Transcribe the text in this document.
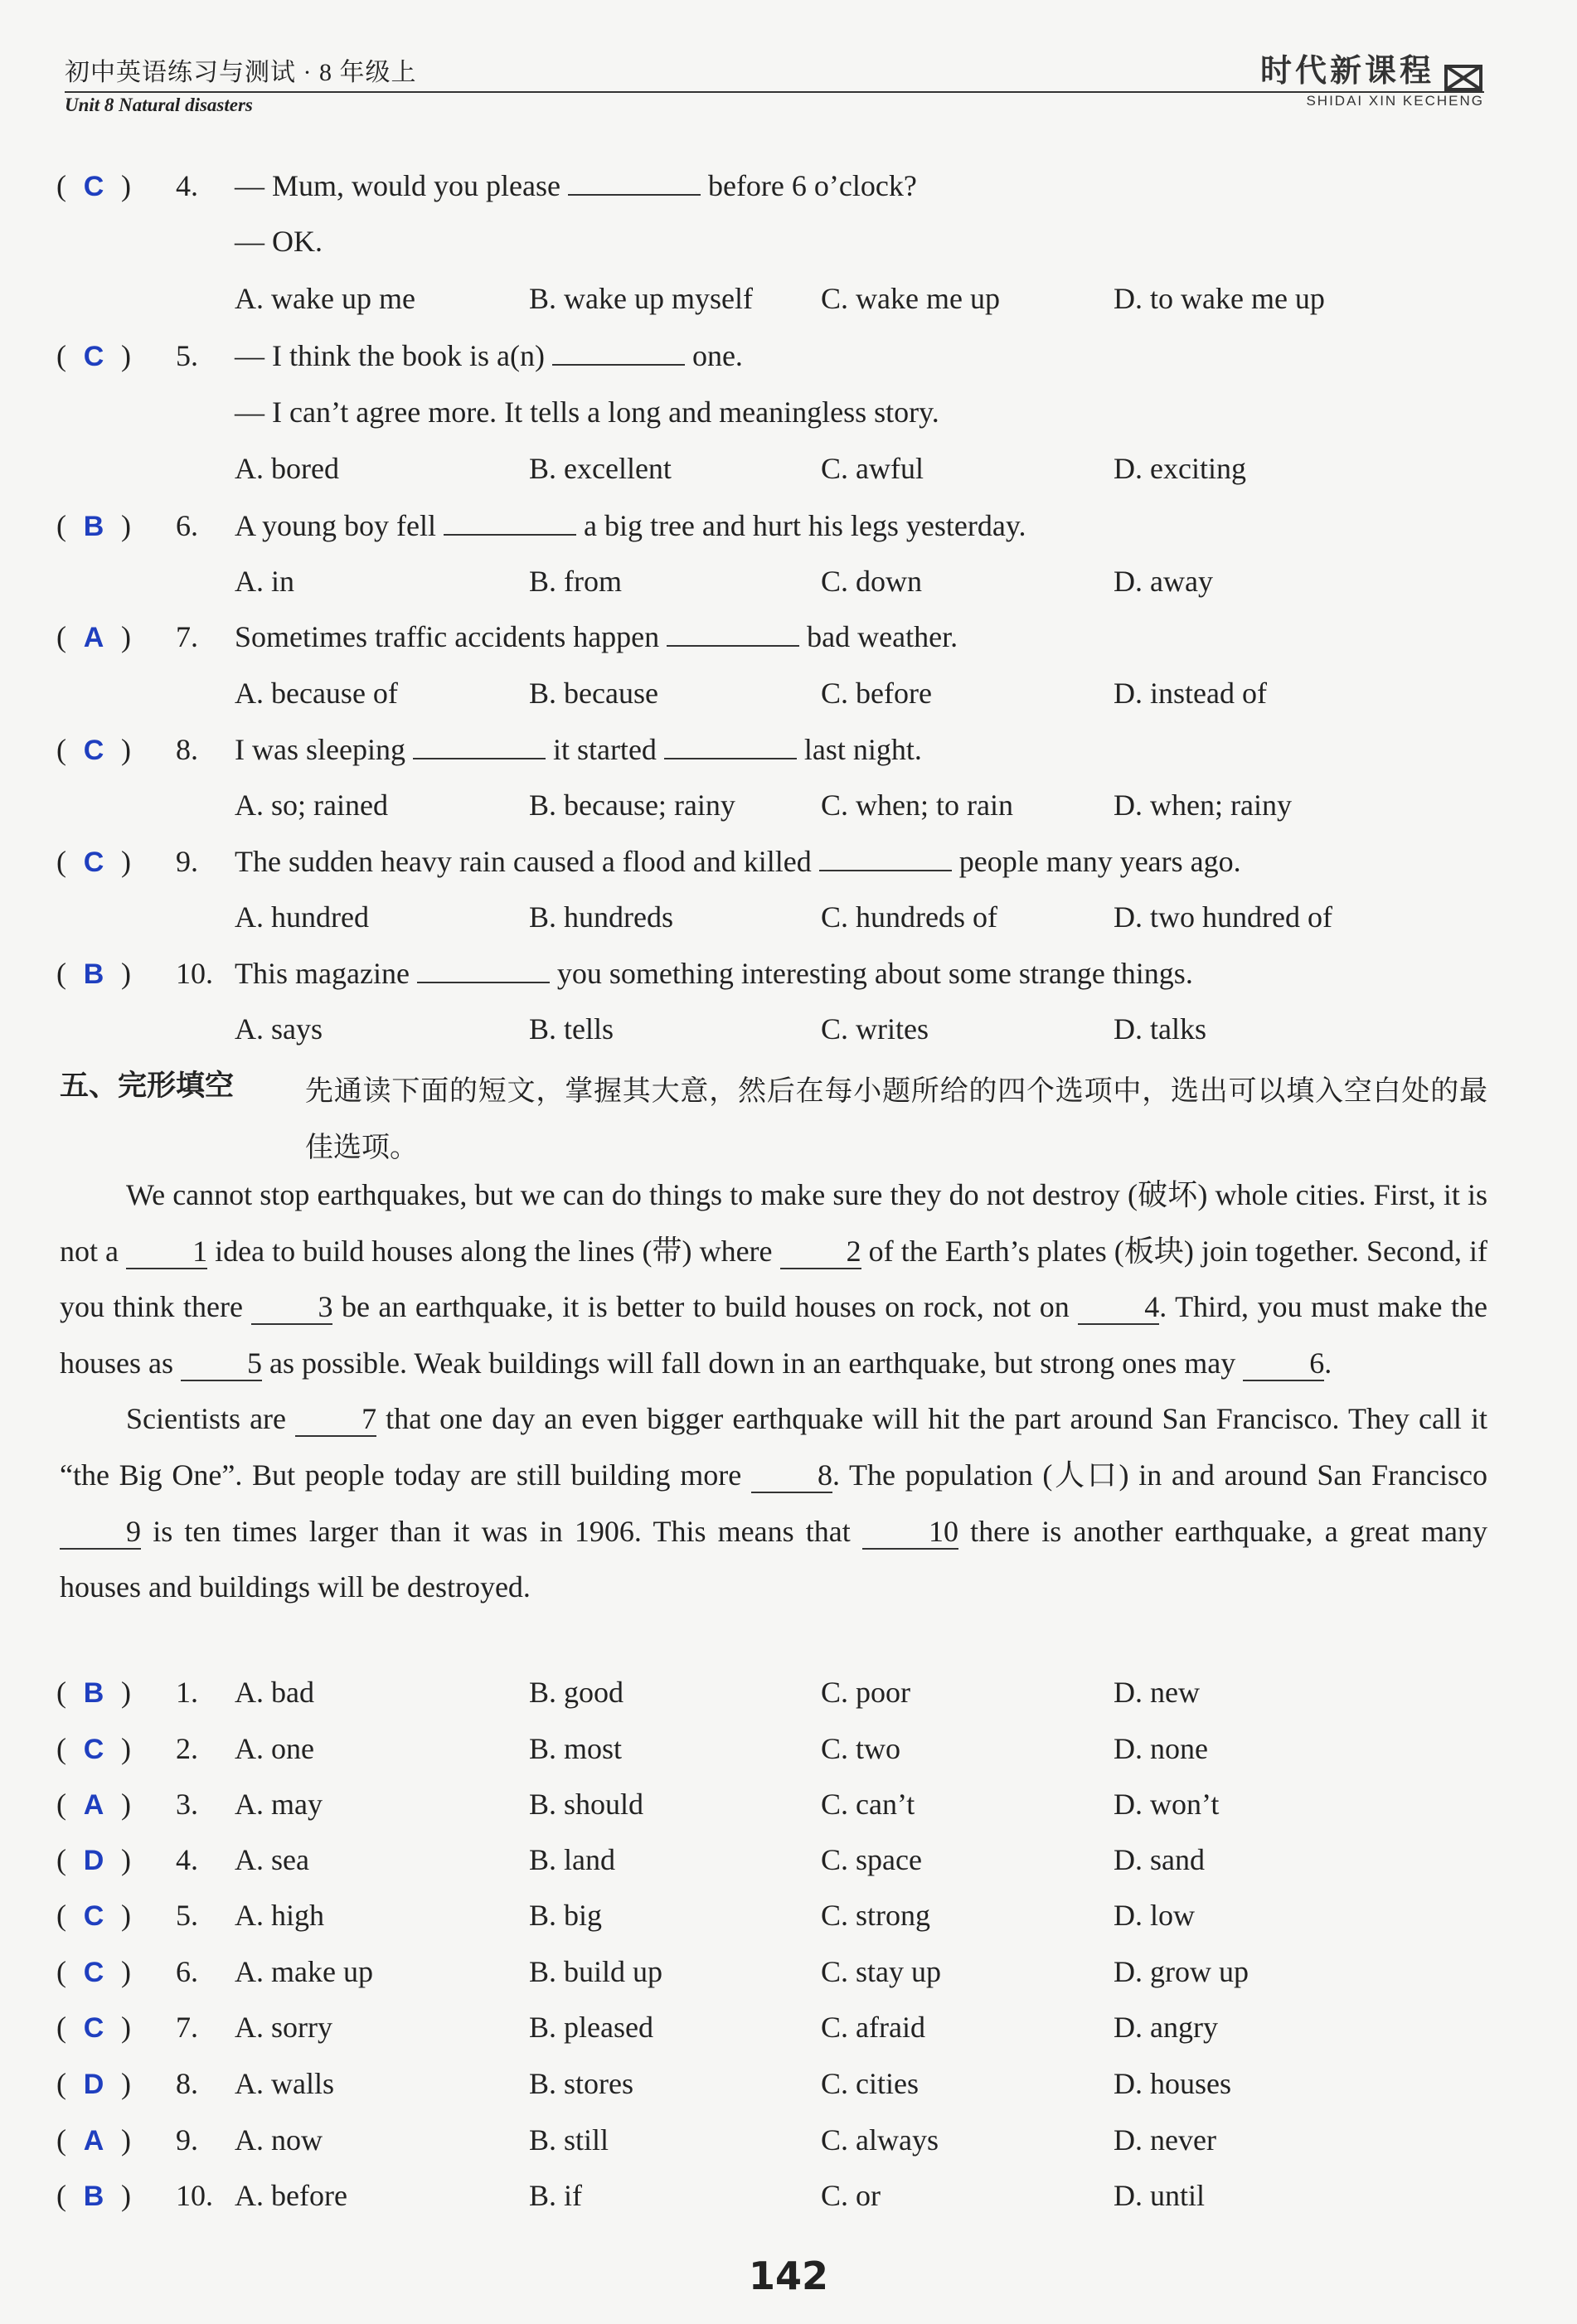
初中英语练习与测试 · 8 年级上
Unit 8 Natural disasters
时代新课程
SHIDAI XIN KECHENG
( C )	4. — Mum, would you please	before 6 o’clock?
— OK.
A. wake up me	B. wake up myself C. wake me up	D. to wake me up
( C )	5. — I think the book is a(n)	one.
— I can’t agree more. It tells a long and meaningless story.
A. bored	B. excellent	C. awful	D. exciting
( B )	6. A young boy fell	a big tree and hurt his legs yesterday.
A. in	B. from	C. down	D. away
( A )	7. Sometimes traffic accidents happen	bad weather.
A. because of	B. because	C. before	D. instead of
( C )	8. I was sleeping	it started	last night.
A. so; rained	B. because; rainy	C. when; to rain	D. when; rainy
( C )	9. The sudden heavy rain caused a flood and killed	people many years ago.
A. hundred	B. hundreds	C. hundreds of	D. two hundred of
( B )	10. This magazine	you something interesting about some strange things.
A. says	B. tells	C. writes	D. talks
五、完形填空	先通读下面的短文，掌握其大意，然后在每小题所给的四个选项中，选出可以填入空白处的最佳选项。

We cannot stop earthquakes, but we can do things to make sure they do not destroy (破坏) whole cities. First, it is not a 1 idea to build houses along the lines (带) where 2 of the Earth’s plates (板块) join together. Second, if you think there	3 be an earthquake, it is better to build houses on rock, not on	4. Third, you must make the houses as 5 as possible. Weak buildings will fall down in an earthquake, but strong ones may 6.

Scientists are	7 that one day an even bigger earthquake will hit the part around San Francisco. They call it “the Big One”. But people today are still building more	8. The population (人口) in and around San Francisco 9 is ten times larger than it was in 1906. This means that	10 there is another earthquake, a great many houses and buildings will be destroyed.

( B )	1. A. bad	B. good	C. poor	D. new
( C )	2. A. one	B. most	C. two	D. none
( A )	3. A. may	B. should	C. can’t	D. won’t
( D )	4. A. sea	B. land	C. space	D. sand
( C )	5. A. high	B. big	C. strong	D. low
( C )	6. A. make up	B. build up	C. stay up	D. grow up
( C )	7. A. sorry	B. pleased	C. afraid	D. angry
( D )	8. A. walls	B. stores	C. cities	D. houses
( A )	9. A. now	B. still	C. always	D. never
( B )	10. A. before	B. if	C. or	D. until
142
